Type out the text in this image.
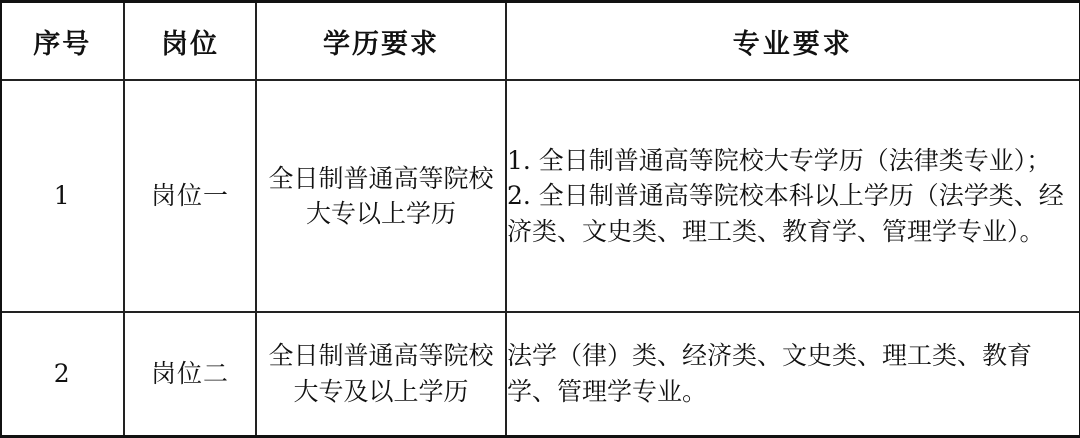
序号	岗位	学历要求	专业要求
1	岗位一	全日制普通高等院校大专以上学历	1. 全日制普通高等院校大专学历（法律类专业）；
2. 全日制普通高等院校本科以上学历（法学类、经济类、文史类、理工类、教育学、管理学专业）。

2	岗位二	全日制普通高等院校大专及以上学历	法学（律）类、经济类、文史类、理工类、教育学、管理学专业。
